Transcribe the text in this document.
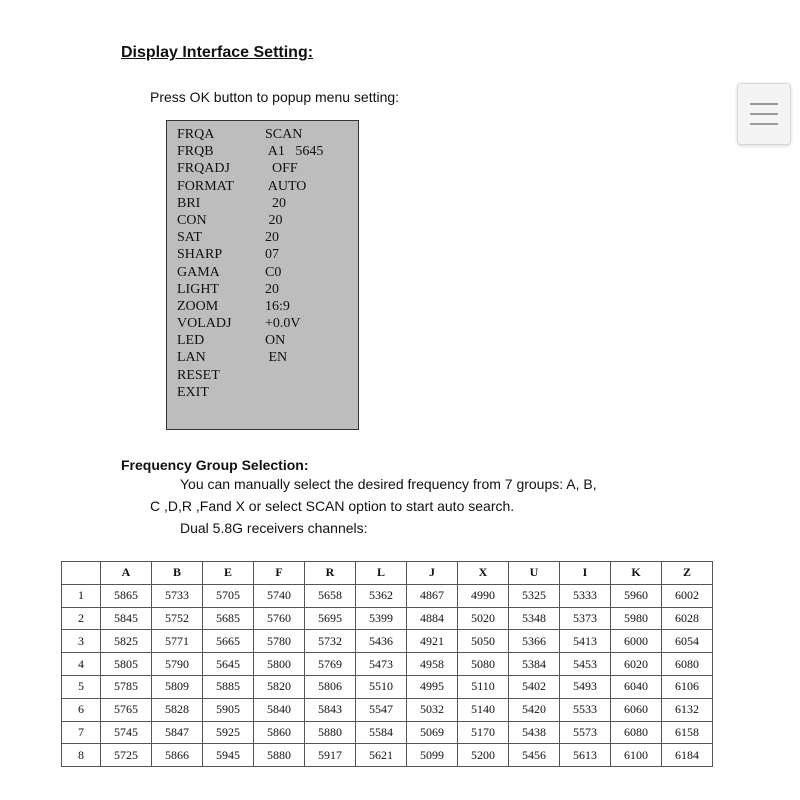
Display Interface Setting:
Press OK button to popup menu setting:
FRQA	SCAN
FRQB	A1   5645
FRQADJ	OFF
FORMAT	AUTO
BRI	20
CON	20
SAT	20
SHARP	07
GAMA	C0
LIGHT	20
ZOOM	16:9
VOLADJ	+0.0V
LED	ON
LAN	EN
RESET
EXIT
Frequency Group Selection:
You can manually select the desired frequency from 7 groups: A, B,
C ,D,R ,Fand X or select SCAN option to start auto search.
Dual 5.8G receivers channels:
	A	B	E	F	R	L	J	X	U	I	K	Z
1	5865	5733	5705	5740	5658	5362	4867	4990	5325	5333	5960	6002
2	5845	5752	5685	5760	5695	5399	4884	5020	5348	5373	5980	6028
3	5825	5771	5665	5780	5732	5436	4921	5050	5366	5413	6000	6054
4	5805	5790	5645	5800	5769	5473	4958	5080	5384	5453	6020	6080
5	5785	5809	5885	5820	5806	5510	4995	5110	5402	5493	6040	6106
6	5765	5828	5905	5840	5843	5547	5032	5140	5420	5533	6060	6132
7	5745	5847	5925	5860	5880	5584	5069	5170	5438	5573	6080	6158
8	5725	5866	5945	5880	5917	5621	5099	5200	5456	5613	6100	6184
